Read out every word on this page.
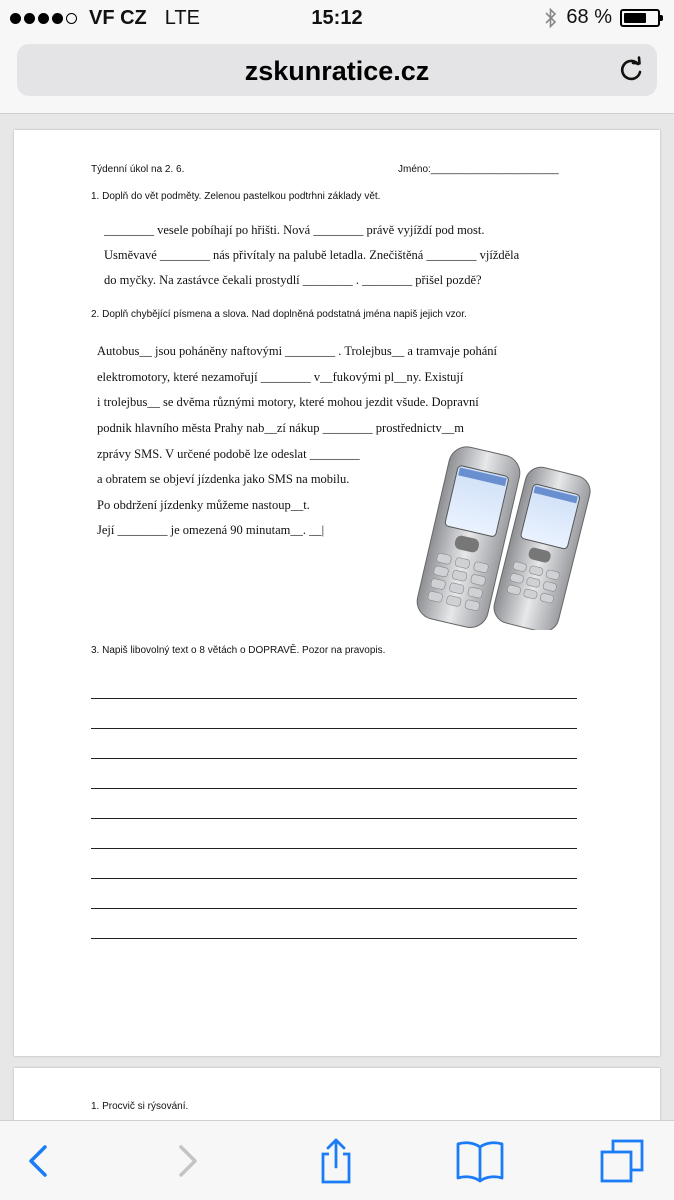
VF CZ LTE	15:12	68 %
zskunratice.cz
Týdenní úkol na 2. 6.	Jméno:_______________________
1. Doplň do vět podměty. Zelenou pastelkou podtrhni základy vět.
________ vesele pobíhají po hřišti. Nová ________ právě vyjíždí pod most.
Usměvavé ________ nás přivítaly na palubě letadla. Znečištěná ________ vjížděla
do myčky. Na zastávce čekali prostydlí ________ . ________ přišel pozdě?
2. Doplň chybějící písmena a slova. Nad doplněná podstatná jména napiš jejich vzor.
Autobus__ jsou poháněny naftovými ________ . Trolejbus__ a tramvaje pohání
elektromotory, které nezamořují ________ v__fukovými pl__ny. Existují
i trolejbus__ se dvěma různými motory, které mohou jezdit všude. Dopravní
podnik hlavního města Prahy nab__zí nákup ________ prostřednictv__m
zprávy SMS. V určené podobě lze odeslat ________
a obratem se objeví jízdenka jako SMS na mobilu.
Po obdržení jízdenky můžeme nastoup__t.
Její ________ je omezená 90 minutam__. __|
3. Napiš libovolný text o 8 větách o DOPRAVĚ. Pozor na pravopis.
1. Procvič si rýsování.
